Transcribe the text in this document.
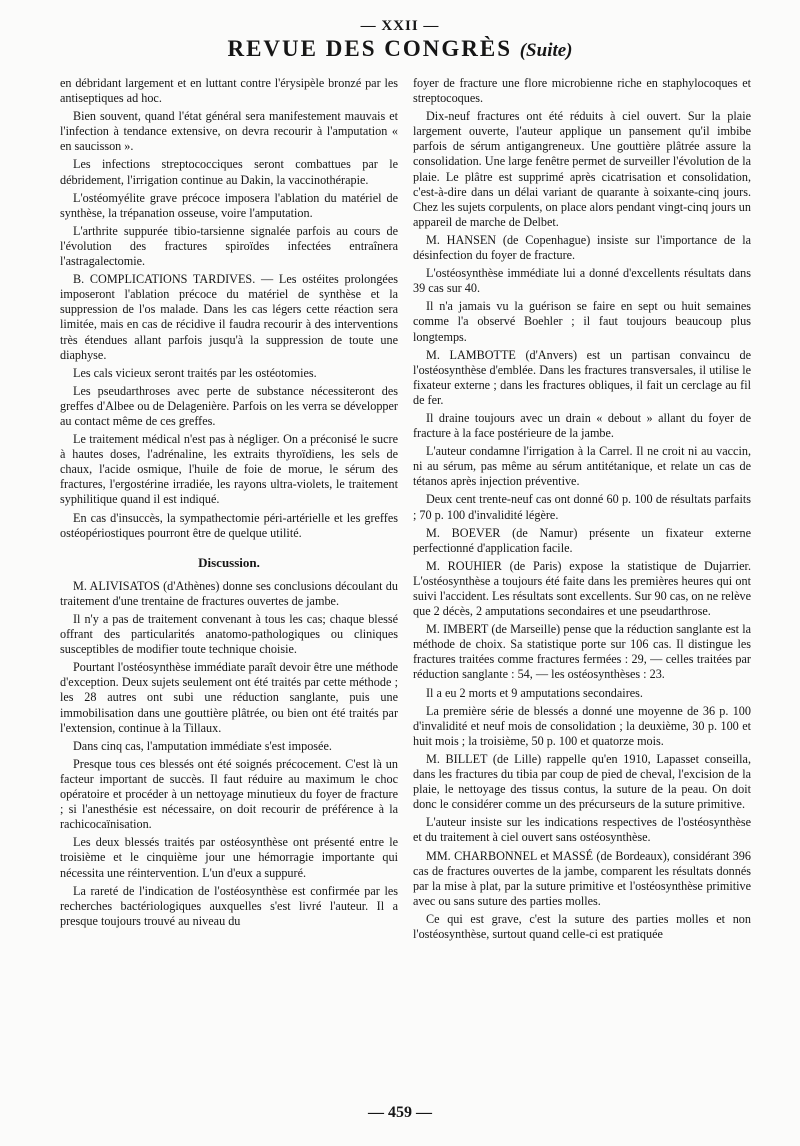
— XXII —
REVUE DES CONGRÈS (Suite)

en débridant largement et en luttant contre l'érysipèle bronzé par les antiseptiques ad hoc.

Bien souvent, quand l'état général sera manifestement mauvais et l'infection à tendance extensive, on devra recourir à l'amputation « en saucisson ».

Les infections streptococciques seront combattues par le débridement, l'irrigation continue au Dakin, la vaccinothérapie.

L'ostéomyélite grave précoce imposera l'ablation du matériel de synthèse, la trépanation osseuse, voire l'amputation.

L'arthrite suppurée tibio-tarsienne signalée parfois au cours de l'évolution des fractures spiroïdes infectées entraînera l'astragalectomie.

B. COMPLICATIONS TARDIVES. — Les ostéites prolongées imposeront l'ablation précoce du matériel de synthèse et la suppression de l'os malade. Dans les cas légers cette réaction sera limitée, mais en cas de récidive il faudra recourir à des interventions très étendues allant parfois jusqu'à la suppression de toute une diaphyse.

Les cals vicieux seront traités par les ostéotomies.

Les pseudarthroses avec perte de substance nécessiteront des greffes d'Albee ou de Delagenière. Parfois on les verra se développer au contact même de ces greffes.

Le traitement médical n'est pas à négliger. On a préconisé le sucre à hautes doses, l'adrénaline, les extraits thyroïdiens, les sels de chaux, l'acide osmique, l'huile de foie de morue, le sérum des fractures, l'ergostérine irradiée, les rayons ultra-violets, le traitement syphilitique quand il est indiqué.

En cas d'insuccès, la sympathectomie péri-artérielle et les greffes ostéopériostiques pourront être de quelque utilité.

Discussion.

M. ALIVISATOS (d'Athènes) donne ses conclusions découlant du traitement d'une trentaine de fractures ouvertes de jambe.

Il n'y a pas de traitement convenant à tous les cas; chaque blessé offrant des particularités anatomo-pathologiques ou cliniques susceptibles de modifier toute technique choisie.

Pourtant l'ostéosynthèse immédiate paraît devoir être une méthode d'exception. Deux sujets seulement ont été traités par cette méthode ; les 28 autres ont subi une réduction sanglante, puis une immobilisation dans une gouttière plâtrée, ou bien ont été traités par l'extension, continue à la Tillaux.

Dans cinq cas, l'amputation immédiate s'est imposée.

Presque tous ces blessés ont été soignés précocement. C'est là un facteur important de succès. Il faut réduire au maximum le choc opératoire et procéder à un nettoyage minutieux du foyer de fracture ; si l'anesthésie est nécessaire, on doit recourir de préférence à la rachicocaïnisation.

Les deux blessés traités par ostéosynthèse ont présenté entre le troisième et le cinquième jour une hémorragie importante qui nécessita une réintervention. L'un d'eux a suppuré.

La rareté de l'indication de l'ostéosynthèse est confirmée par les recherches bactériologiques auxquelles s'est livré l'auteur. Il a presque toujours trouvé au niveau du

foyer de fracture une flore microbienne riche en staphylocoques et streptocoques.

Dix-neuf fractures ont été réduits à ciel ouvert. Sur la plaie largement ouverte, l'auteur applique un pansement qu'il imbibe parfois de sérum antigangreneux. Une gouttière plâtrée assure la consolidation. Une large fenêtre permet de surveiller l'évolution de la plaie. Le plâtre est supprimé après cicatrisation et consolidation, c'est-à-dire dans un délai variant de quarante à soixante-cinq jours. Chez les sujets corpulents, on place alors pendant vingt-cinq jours un appareil de marche de Delbet.

M. HANSEN (de Copenhague) insiste sur l'importance de la désinfection du foyer de fracture.

L'ostéosynthèse immédiate lui a donné d'excellents résultats dans 39 cas sur 40.

Il n'a jamais vu la guérison se faire en sept ou huit semaines comme l'a observé Boehler ; il faut toujours beaucoup plus longtemps.

M. LAMBOTTE (d'Anvers) est un partisan convaincu de l'ostéosynthèse d'emblée. Dans les fractures transversales, il utilise le fixateur externe ; dans les fractures obliques, il fait un cerclage au fil de fer.

Il draine toujours avec un drain « debout » allant du foyer de fracture à la face postérieure de la jambe.

L'auteur condamne l'irrigation à la Carrel. Il ne croit ni au vaccin, ni au sérum, pas même au sérum antitétanique, et relate un cas de tétanos après injection préventive.

Deux cent trente-neuf cas ont donné 60 p. 100 de résultats parfaits ; 70 p. 100 d'invalidité légère.

M. BOEVER (de Namur) présente un fixateur externe perfectionné d'application facile.

M. ROUHIER (de Paris) expose la statistique de Dujarrier. L'ostéosynthèse a toujours été faite dans les premières heures qui ont suivi l'accident. Les résultats sont excellents. Sur 90 cas, on ne relève que 2 décès, 2 amputations secondaires et une pseudarthrose.

M. IMBERT (de Marseille) pense que la réduction sanglante est la méthode de choix. Sa statistique porte sur 106 cas. Il distingue les fractures traitées comme fractures fermées : 29, — celles traitées par réduction sanglante : 54, — les ostéosynthèses : 23.

Il a eu 2 morts et 9 amputations secondaires.

La première série de blessés a donné une moyenne de 36 p. 100 d'invalidité et neuf mois de consolidation ; la deuxième, 30 p. 100 et huit mois ; la troisième, 50 p. 100 et quatorze mois.

M. BILLET (de Lille) rappelle qu'en 1910, Lapasset conseilla, dans les fractures du tibia par coup de pied de cheval, l'excision de la plaie, le nettoyage des tissus contus, la suture de la peau. On doit donc le considérer comme un des précurseurs de la suture primitive.

L'auteur insiste sur les indications respectives de l'ostéosynthèse et du traitement à ciel ouvert sans ostéosynthèse.

MM. CHARBONNEL et MASSÉ (de Bordeaux), considérant 396 cas de fractures ouvertes de la jambe, comparent les résultats donnés par la mise à plat, par la suture primitive et l'ostéosynthèse primitive avec ou sans suture des parties molles.

Ce qui est grave, c'est la suture des parties molles et non l'ostéosynthèse, surtout quand celle-ci est pratiquée

— 459 —
